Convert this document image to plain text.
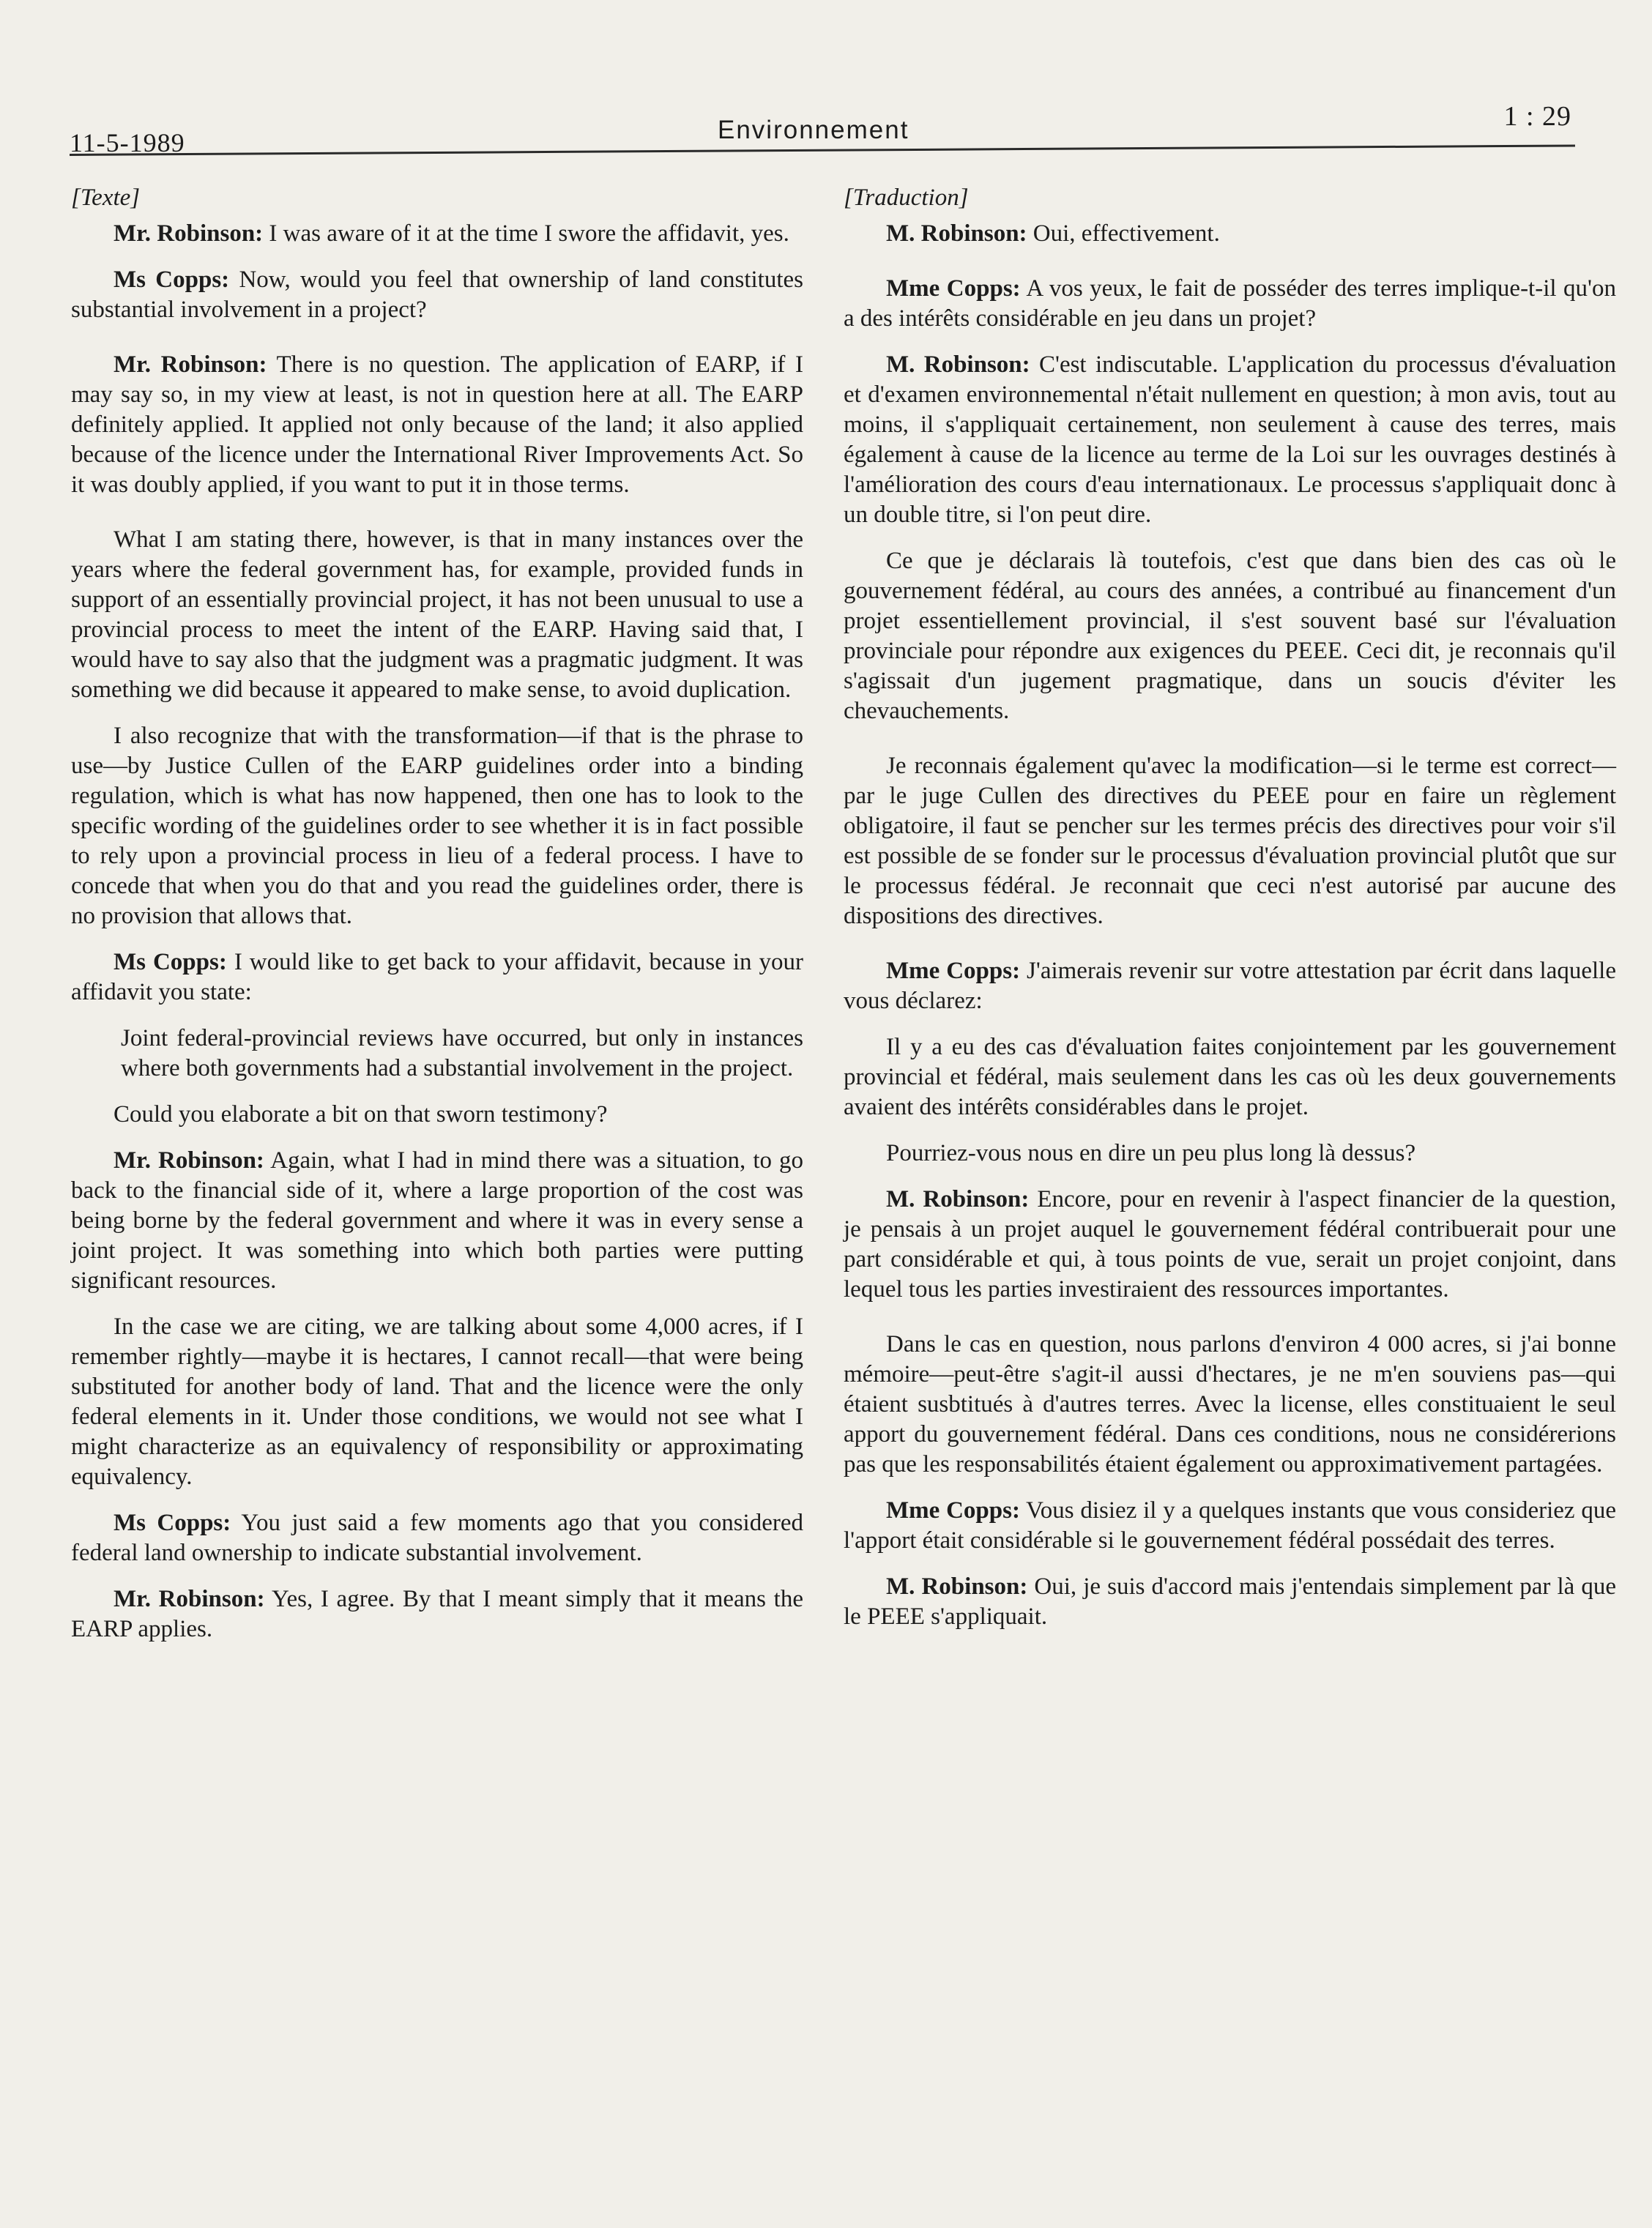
11-5-1989	Environnement	1 : 29

[Texte]

Mr. Robinson: I was aware of it at the time I swore the affidavit, yes.

Ms Copps: Now, would you feel that ownership of land constitutes substantial involvement in a project?

Mr. Robinson: There is no question. The application of EARP, if I may say so, in my view at least, is not in question here at all. The EARP definitely applied. It applied not only because of the land; it also applied because of the licence under the International River Improvements Act. So it was doubly applied, if you want to put it in those terms.

What I am stating there, however, is that in many instances over the years where the federal government has, for example, provided funds in support of an essentially provincial project, it has not been unusual to use a provincial process to meet the intent of the EARP. Having said that, I would have to say also that the judgment was a pragmatic judgment. It was something we did because it appeared to make sense, to avoid duplication.

I also recognize that with the transformation—if that is the phrase to use—by Justice Cullen of the EARP guidelines order into a binding regulation, which is what has now happened, then one has to look to the specific wording of the guidelines order to see whether it is in fact possible to rely upon a provincial process in lieu of a federal process. I have to concede that when you do that and you read the guidelines order, there is no provision that allows that.

Ms Copps: I would like to get back to your affidavit, because in your affidavit you state:

Joint federal-provincial reviews have occurred, but only in instances where both governments had a substantial involvement in the project.

Could you elaborate a bit on that sworn testimony?

Mr. Robinson: Again, what I had in mind there was a situation, to go back to the financial side of it, where a large proportion of the cost was being borne by the federal government and where it was in every sense a joint project. It was something into which both parties were putting significant resources.

In the case we are citing, we are talking about some 4,000 acres, if I remember rightly—maybe it is hectares, I cannot recall—that were being substituted for another body of land. That and the licence were the only federal elements in it. Under those conditions, we would not see what I might characterize as an equivalency of responsibility or approximating equivalency.

Ms Copps: You just said a few moments ago that you considered federal land ownership to indicate substantial involvement.

Mr. Robinson: Yes, I agree. By that I meant simply that it means the EARP applies.

[Traduction]

M. Robinson: Oui, effectivement.

Mme Copps: A vos yeux, le fait de posséder des terres implique-t-il qu'on a des intérêts considérable en jeu dans un projet?

M. Robinson: C'est indiscutable. L'application du processus d'évaluation et d'examen environnemental n'était nullement en question; à mon avis, tout au moins, il s'appliquait certainement, non seulement à cause des terres, mais également à cause de la licence au terme de la Loi sur les ouvrages destinés à l'amélioration des cours d'eau internationaux. Le processus s'appliquait donc à un double titre, si l'on peut dire.

Ce que je déclarais là toutefois, c'est que dans bien des cas où le gouvernement fédéral, au cours des années, a contribué au financement d'un projet essentiellement provincial, il s'est souvent basé sur l'évaluation provinciale pour répondre aux exigences du PEEE. Ceci dit, je reconnais qu'il s'agissait d'un jugement pragmatique, dans un soucis d'éviter les chevauchements.

Je reconnais également qu'avec la modification—si le terme est correct—par le juge Cullen des directives du PEEE pour en faire un règlement obligatoire, il faut se pencher sur les termes précis des directives pour voir s'il est possible de se fonder sur le processus d'évaluation provincial plutôt que sur le processus fédéral. Je reconnait que ceci n'est autorisé par aucune des dispositions des directives.

Mme Copps: J'aimerais revenir sur votre attestation par écrit dans laquelle vous déclarez:

Il y a eu des cas d'évaluation faites conjointement par les gouvernement provincial et fédéral, mais seulement dans les cas où les deux gouvernements avaient des intérêts considérables dans le projet.

Pourriez-vous nous en dire un peu plus long là dessus?

M. Robinson: Encore, pour en revenir à l'aspect financier de la question, je pensais à un projet auquel le gouvernement fédéral contribuerait pour une part considérable et qui, à tous points de vue, serait un projet conjoint, dans lequel tous les parties investiraient des ressources importantes.

Dans le cas en question, nous parlons d'environ 4 000 acres, si j'ai bonne mémoire—peut-être s'agit-il aussi d'hectares, je ne m'en souviens pas—qui étaient susbtitués à d'autres terres. Avec la license, elles constituaient le seul apport du gouvernement fédéral. Dans ces conditions, nous ne considérerions pas que les responsabilités étaient également ou approximativement partagées.

Mme Copps: Vous disiez il y a quelques instants que vous consideriez que l'apport était considérable si le gouvernement fédéral possédait des terres.

M. Robinson: Oui, je suis d'accord mais j'entendais simplement par là que le PEEE s'appliquait.
